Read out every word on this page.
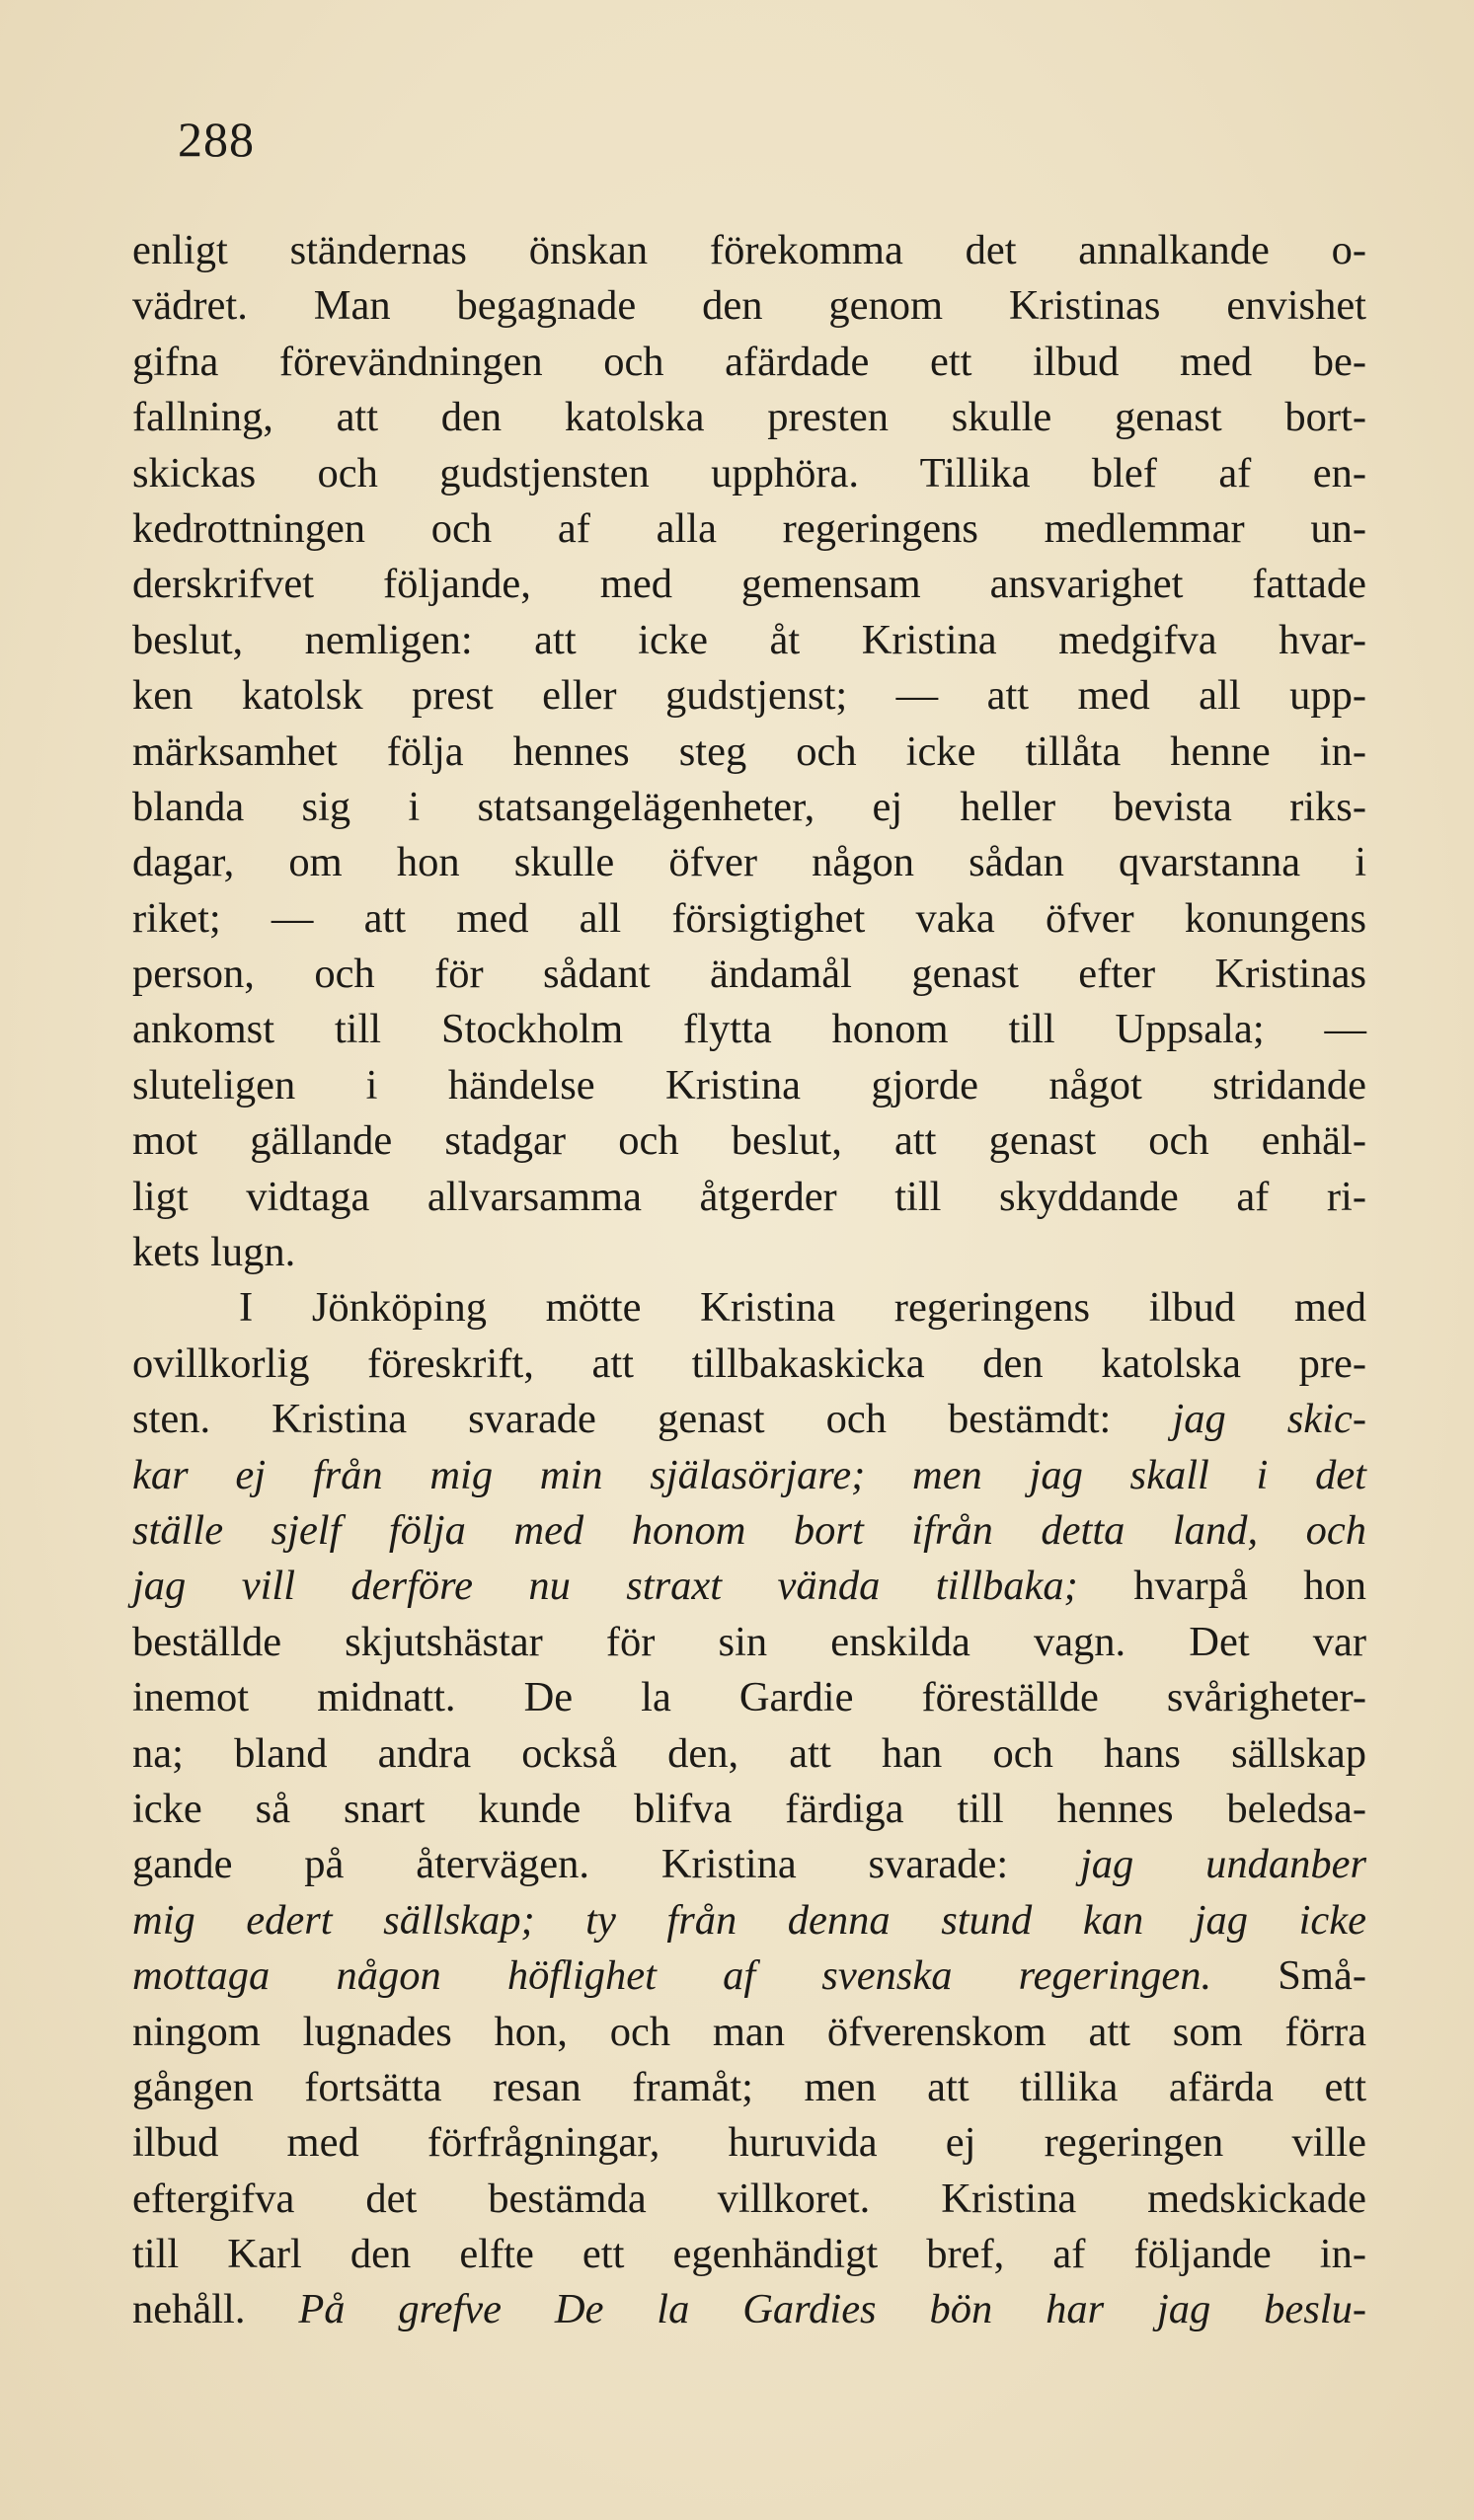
288
enligt ständernas önskan förekomma det annalkande o-
vädret. Man begagnade den genom Kristinas envishet
gifna förevändningen och afärdade ett ilbud med be-
fallning, att den katolska presten skulle genast bort-
skickas och gudstjensten upphöra. Tillika blef af en-
kedrottningen och af alla regeringens medlemmar un-
derskrifvet följande, med gemensam ansvarighet fattade
beslut, nemligen: att icke åt Kristina medgifva hvar-
ken katolsk prest eller gudstjenst; — att med all upp-
märksamhet följa hennes steg och icke tillåta henne in-
blanda sig i statsangelägenheter, ej heller bevista riks-
dagar, om hon skulle öfver någon sådan qvarstanna i
riket; — att med all försigtighet vaka öfver konungens
person, och för sådant ändamål genast efter Kristinas
ankomst till Stockholm flytta honom till Uppsala; —
sluteligen i händelse Kristina gjorde något stridande
mot gällande stadgar och beslut, att genast och enhäl-
ligt vidtaga allvarsamma åtgerder till skyddande af ri-
kets lugn.
I Jönköping mötte Kristina regeringens ilbud med
ovillkorlig föreskrift, att tillbakaskicka den katolska pre-
sten. Kristina svarade genast och bestämdt: jag skic-
kar ej från mig min själasörjare; men jag skall i det
ställe sjelf följa med honom bort ifrån detta land, och
jag vill derföre nu straxt vända tillbaka; hvarpå hon
beställde skjutshästar för sin enskilda vagn. Det var
inemot midnatt. De la Gardie föreställde svårigheter-
na; bland andra också den, att han och hans sällskap
icke så snart kunde blifva färdiga till hennes beledsa-
gande på återvägen. Kristina svarade: jag undanber
mig edert sällskap; ty från denna stund kan jag icke
mottaga någon höflighet af svenska regeringen. Små-
ningom lugnades hon, och man öfverenskom att som förra
gången fortsätta resan framåt; men att tillika afärda ett
ilbud med förfrågningar, huruvida ej regeringen ville
eftergifva det bestämda villkoret. Kristina medskickade
till Karl den elfte ett egenhändigt bref, af följande in-
nehåll. På grefve De la Gardies bön har jag beslu-
